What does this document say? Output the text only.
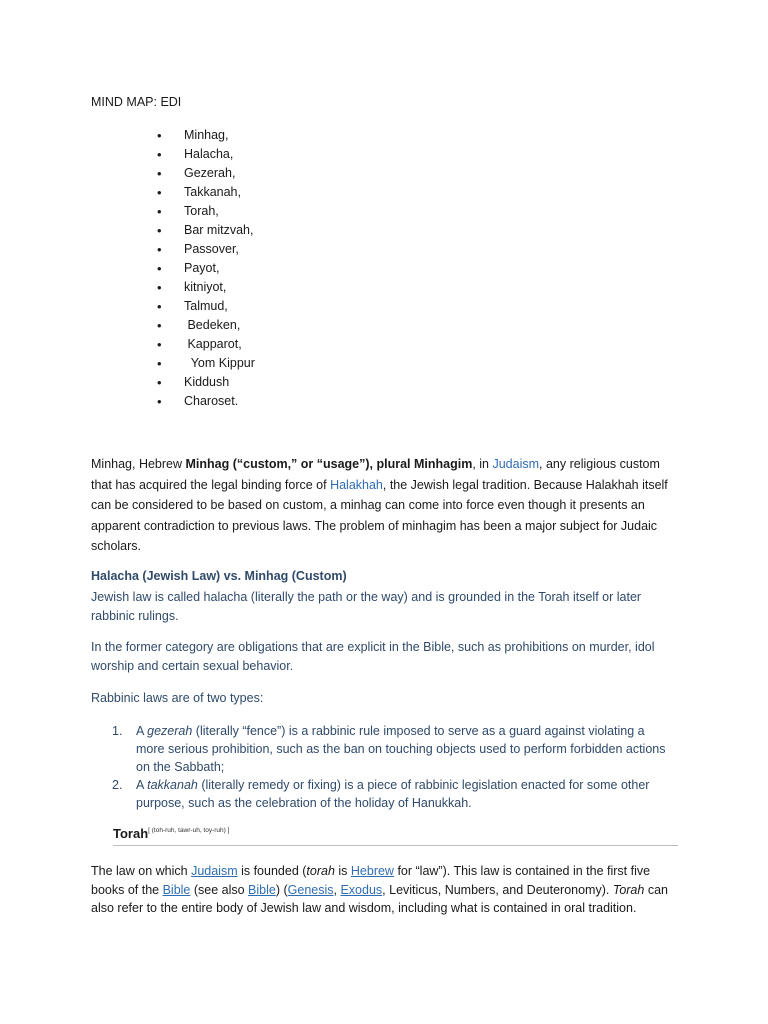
MIND MAP: EDI
• Minhag,
• Halacha,
• Gezerah,
• Takkanah,
• Torah,
• Bar mitzvah,
• Passover,
• Payot,
• kitniyot,
• Talmud,
• Bedeken,
• Kapparot,
• Yom Kippur
• Kiddush
• Charoset.
Minhag, Hebrew Minhag (“custom,” or “usage”), plural Minhagim, in Judaism, any religious custom
that has acquired the legal binding force of Halakhah, the Jewish legal tradition. Because Halakhah itself
can be considered to be based on custom, a minhag can come into force even though it presents an
apparent contradiction to previous laws. The problem of minhagim has been a major subject for Judaic
scholars.
Halacha (Jewish Law) vs. Minhag (Custom)
Jewish law is called halacha (literally the path or the way) and is grounded in the Torah itself or later
rabbinic rulings.
In the former category are obligations that are explicit in the Bible, such as prohibitions on murder, idol
worship and certain sexual behavior.
Rabbinic laws are of two types:
1. A gezerah (literally “fence”) is a rabbinic rule imposed to serve as a guard against violating a
more serious prohibition, such as the ban on touching objects used to perform forbidden actions
on the Sabbath;
2. A takkanah (literally remedy or fixing) is a piece of rabbinic legislation enacted for some other
purpose, such as the celebration of the holiday of Hanukkah.
Torah[ (toh-ruh, tawr-uh, toy-ruh) ]
The law on which Judaism is founded (torah is Hebrew for “law”). This law is contained in the first five
books of the Bible (see also Bible) (Genesis, Exodus, Leviticus, Numbers, and Deuteronomy). Torah can
also refer to the entire body of Jewish law and wisdom, including what is contained in oral tradition.
